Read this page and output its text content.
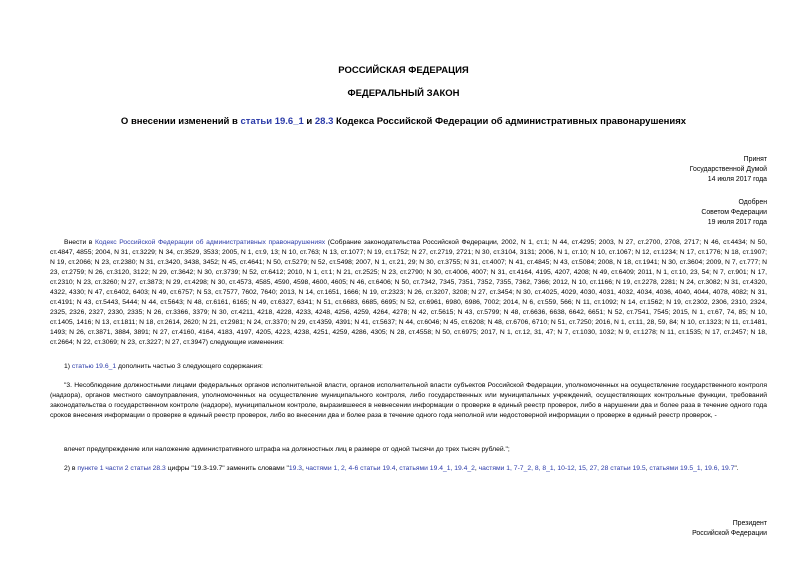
РОССИЙСКАЯ ФЕДЕРАЦИЯ
ФЕДЕРАЛЬНЫЙ ЗАКОН
О внесении изменений в статьи 19.6_1 и 28.3 Кодекса Российской Федерации об административных правонарушениях
Принят
Государственной Думой
14 июля 2017 года
Одобрен
Советом Федерации
19 июля 2017 года
Внести в Кодекс Российской Федерации об административных правонарушениях (Собрание законодательства Российской Федерации, 2002, N 1, ст.1; N 44, ст.4295; 2003, N 27, ст.2700, 2708, 2717; N 46, ст.4434; N 50, ст.4847, 4855; 2004, N 31, ст.3229; N 34, ст.3529, 3533; 2005, N 1, ст.9, 13; N 10, ст.763; N 13, ст.1077; N 19, ст.1752; N 27, ст.2719, 2721; N 30, ст.3104, 3131; 2006, N 1, ст.10; N 10, ст.1067; N 12, ст.1234; N 17, ст.1776; N 18, ст.1907; N 19, ст.2066; N 23, ст.2380; N 31, ст.3420, 3438, 3452; N 45, ст.4641; N 50, ст.5279; N 52, ст.5498; 2007, N 1, ст.21, 29; N 30, ст.3755; N 31, ст.4007; N 41, ст.4845; N 43, ст.5084; 2008, N 18, ст.1941; N 30, ст.3604; 2009, N 7, ст.777; N 23, ст.2759; N 26, ст.3120, 3122; N 29, ст.3642; N 30, ст.3739; N 52, ст.6412; 2010, N 1, ст.1; N 21, ст.2525; N 23, ст.2790; N 30, ст.4006, 4007; N 31, ст.4164, 4195, 4207, 4208; N 49, ст.6409; 2011, N 1, ст.10, 23, 54; N 7, ст.901; N 17, ст.2310; N 23, ст.3260; N 27, ст.3873; N 29, ст.4298; N 30, ст.4573, 4585, 4590, 4598, 4600, 4605; N 46, ст.6406; N 50, ст.7342, 7345, 7351, 7352, 7355, 7362, 7366; 2012, N 10, ст.1166; N 19, ст.2278, 2281; N 24, ст.3082; N 31, ст.4320, 4322, 4330; N 47, ст.6402, 6403; N 49, ст.6757; N 53, ст.7577, 7602, 7640; 2013, N 14, ст.1651, 1666; N 19, ст.2323; N 26, ст.3207, 3208; N 27, ст.3454; N 30, ст.4025, 4029, 4030, 4031, 4032, 4034, 4036, 4040, 4044, 4078, 4082; N 31, ст.4191; N 43, ст.5443, 5444; N 44, ст.5643; N 48, ст.6161, 6165; N 49, ст.6327, 6341; N 51, ст.6683, 6685, 6695; N 52, ст.6961, 6980, 6986, 7002; 2014, N 6, ст.559, 566; N 11, ст.1092; N 14, ст.1562; N 19, ст.2302, 2306, 2310, 2324, 2325, 2326, 2327, 2330, 2335; N 26, ст.3366, 3379; N 30, ст.4211, 4218, 4228, 4233, 4248, 4256, 4259, 4264, 4278; N 42, ст.5615; N 43, ст.5799; N 48, ст.6636, 6638, 6642, 6651; N 52, ст.7541, 7545; 2015, N 1, ст.67, 74, 85; N 10, ст.1405, 1416; N 13, ст.1811; N 18, ст.2614, 2620; N 21, ст.2981; N 24, ст.3370; N 29, ст.4359, 4391; N 41, ст.5637; N 44, ст.6046; N 45, ст.6208; N 48, ст.6706, 6710; N 51, ст.7250; 2016, N 1, ст.11, 28, 59, 84; N 10, ст.1323; N 11, ст.1481, 1493; N 26, ст.3871, 3884, 3891; N 27, ст.4160, 4164, 4183, 4197, 4205, 4223, 4238, 4251, 4259, 4286, 4305; N 28, ст.4558; N 50, ст.6975; 2017, N 1, ст.12, 31, 47; N 7, ст.1030, 1032; N 9, ст.1278; N 11, ст.1535; N 17, ст.2457; N 18, ст.2664; N 22, ст.3069; N 23, ст.3227; N 27, ст.3947) следующие изменения:
1) статью 19.6_1 дополнить частью 3 следующего содержания:
"3. Несоблюдение должностными лицами федеральных органов исполнительной власти, органов исполнительной власти субъектов Российской Федерации, уполномоченных на осуществление государственного контроля (надзора), органов местного самоуправления, уполномоченных на осуществление муниципального контроля, либо государственных или муниципальных учреждений, осуществляющих контрольные функции, требований законодательства о государственном контроле (надзоре), муниципальном контроле, выразившееся в невнесении информации о проверке в единый реестр проверок, либо в нарушении два и более раза в течение одного года сроков внесения информации о проверке в единый реестр проверок, либо во внесении два и более раза в течение одного года неполной или недостоверной информации о проверке в единый реестр проверок, -
влечет предупреждение или наложение административного штрафа на должностных лиц в размере от одной тысячи до трех тысяч рублей.";
2) в пункте 1 части 2 статьи 28.3 цифры "19.3-19.7" заменить словами "19.3, частями 1, 2, 4-6 статьи 19.4, статьями 19.4_1, 19.4_2, частями 1, 7-7_2, 8, 8_1, 10-12, 15, 27, 28 статьи 19.5, статьями 19.5_1, 19.6, 19.7".
Президент
Российской Федерации
